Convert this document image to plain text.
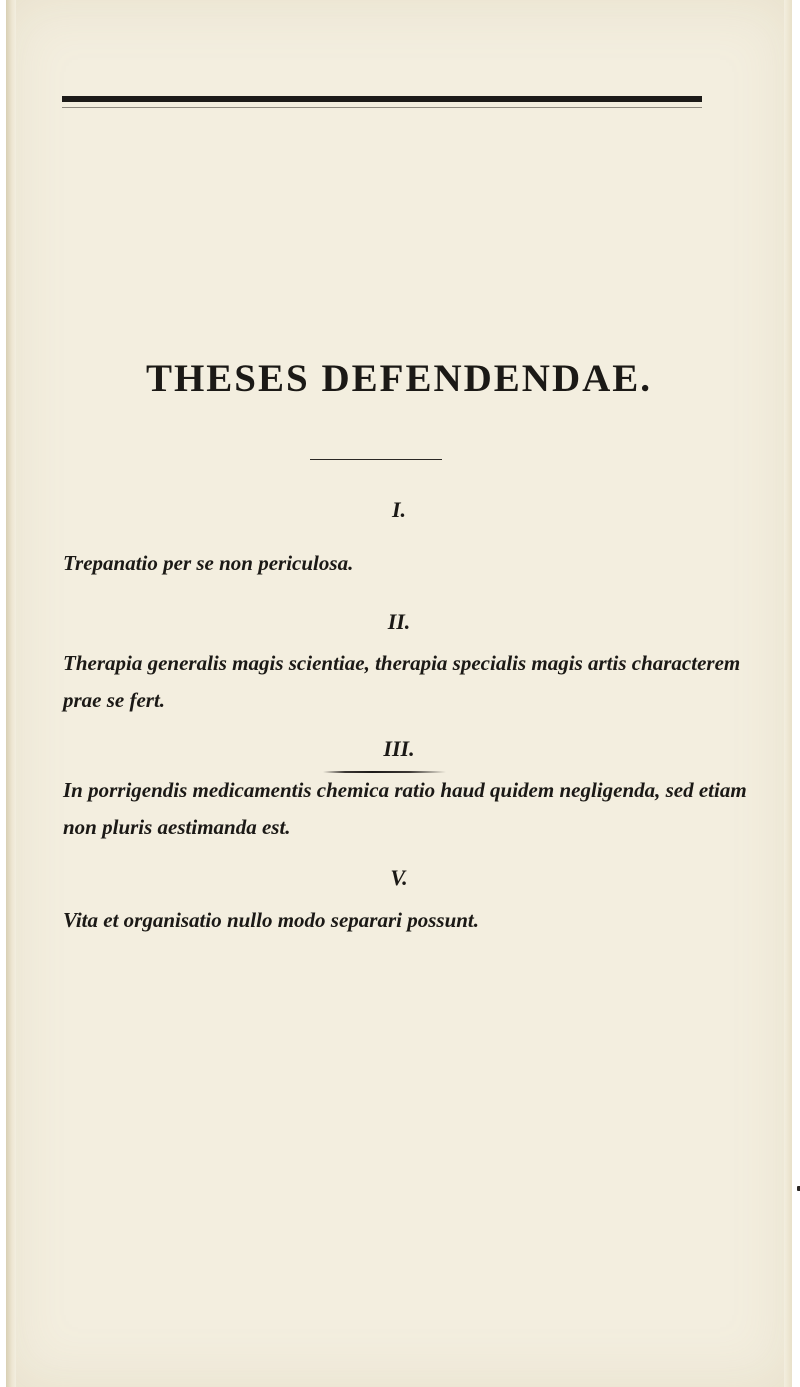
THESES DEFENDENDAE.
I.

Trepanatio per se non periculosa.

II.

Therapia generalis magis scientiae, therapia specialis magis artis characterem prae se fert.

III.

In porrigendis medicamentis chemica ratio haud quidem negligenda, sed etiam non pluris aestimanda est.

V.

Vita et organisatio nullo modo separari possunt.
